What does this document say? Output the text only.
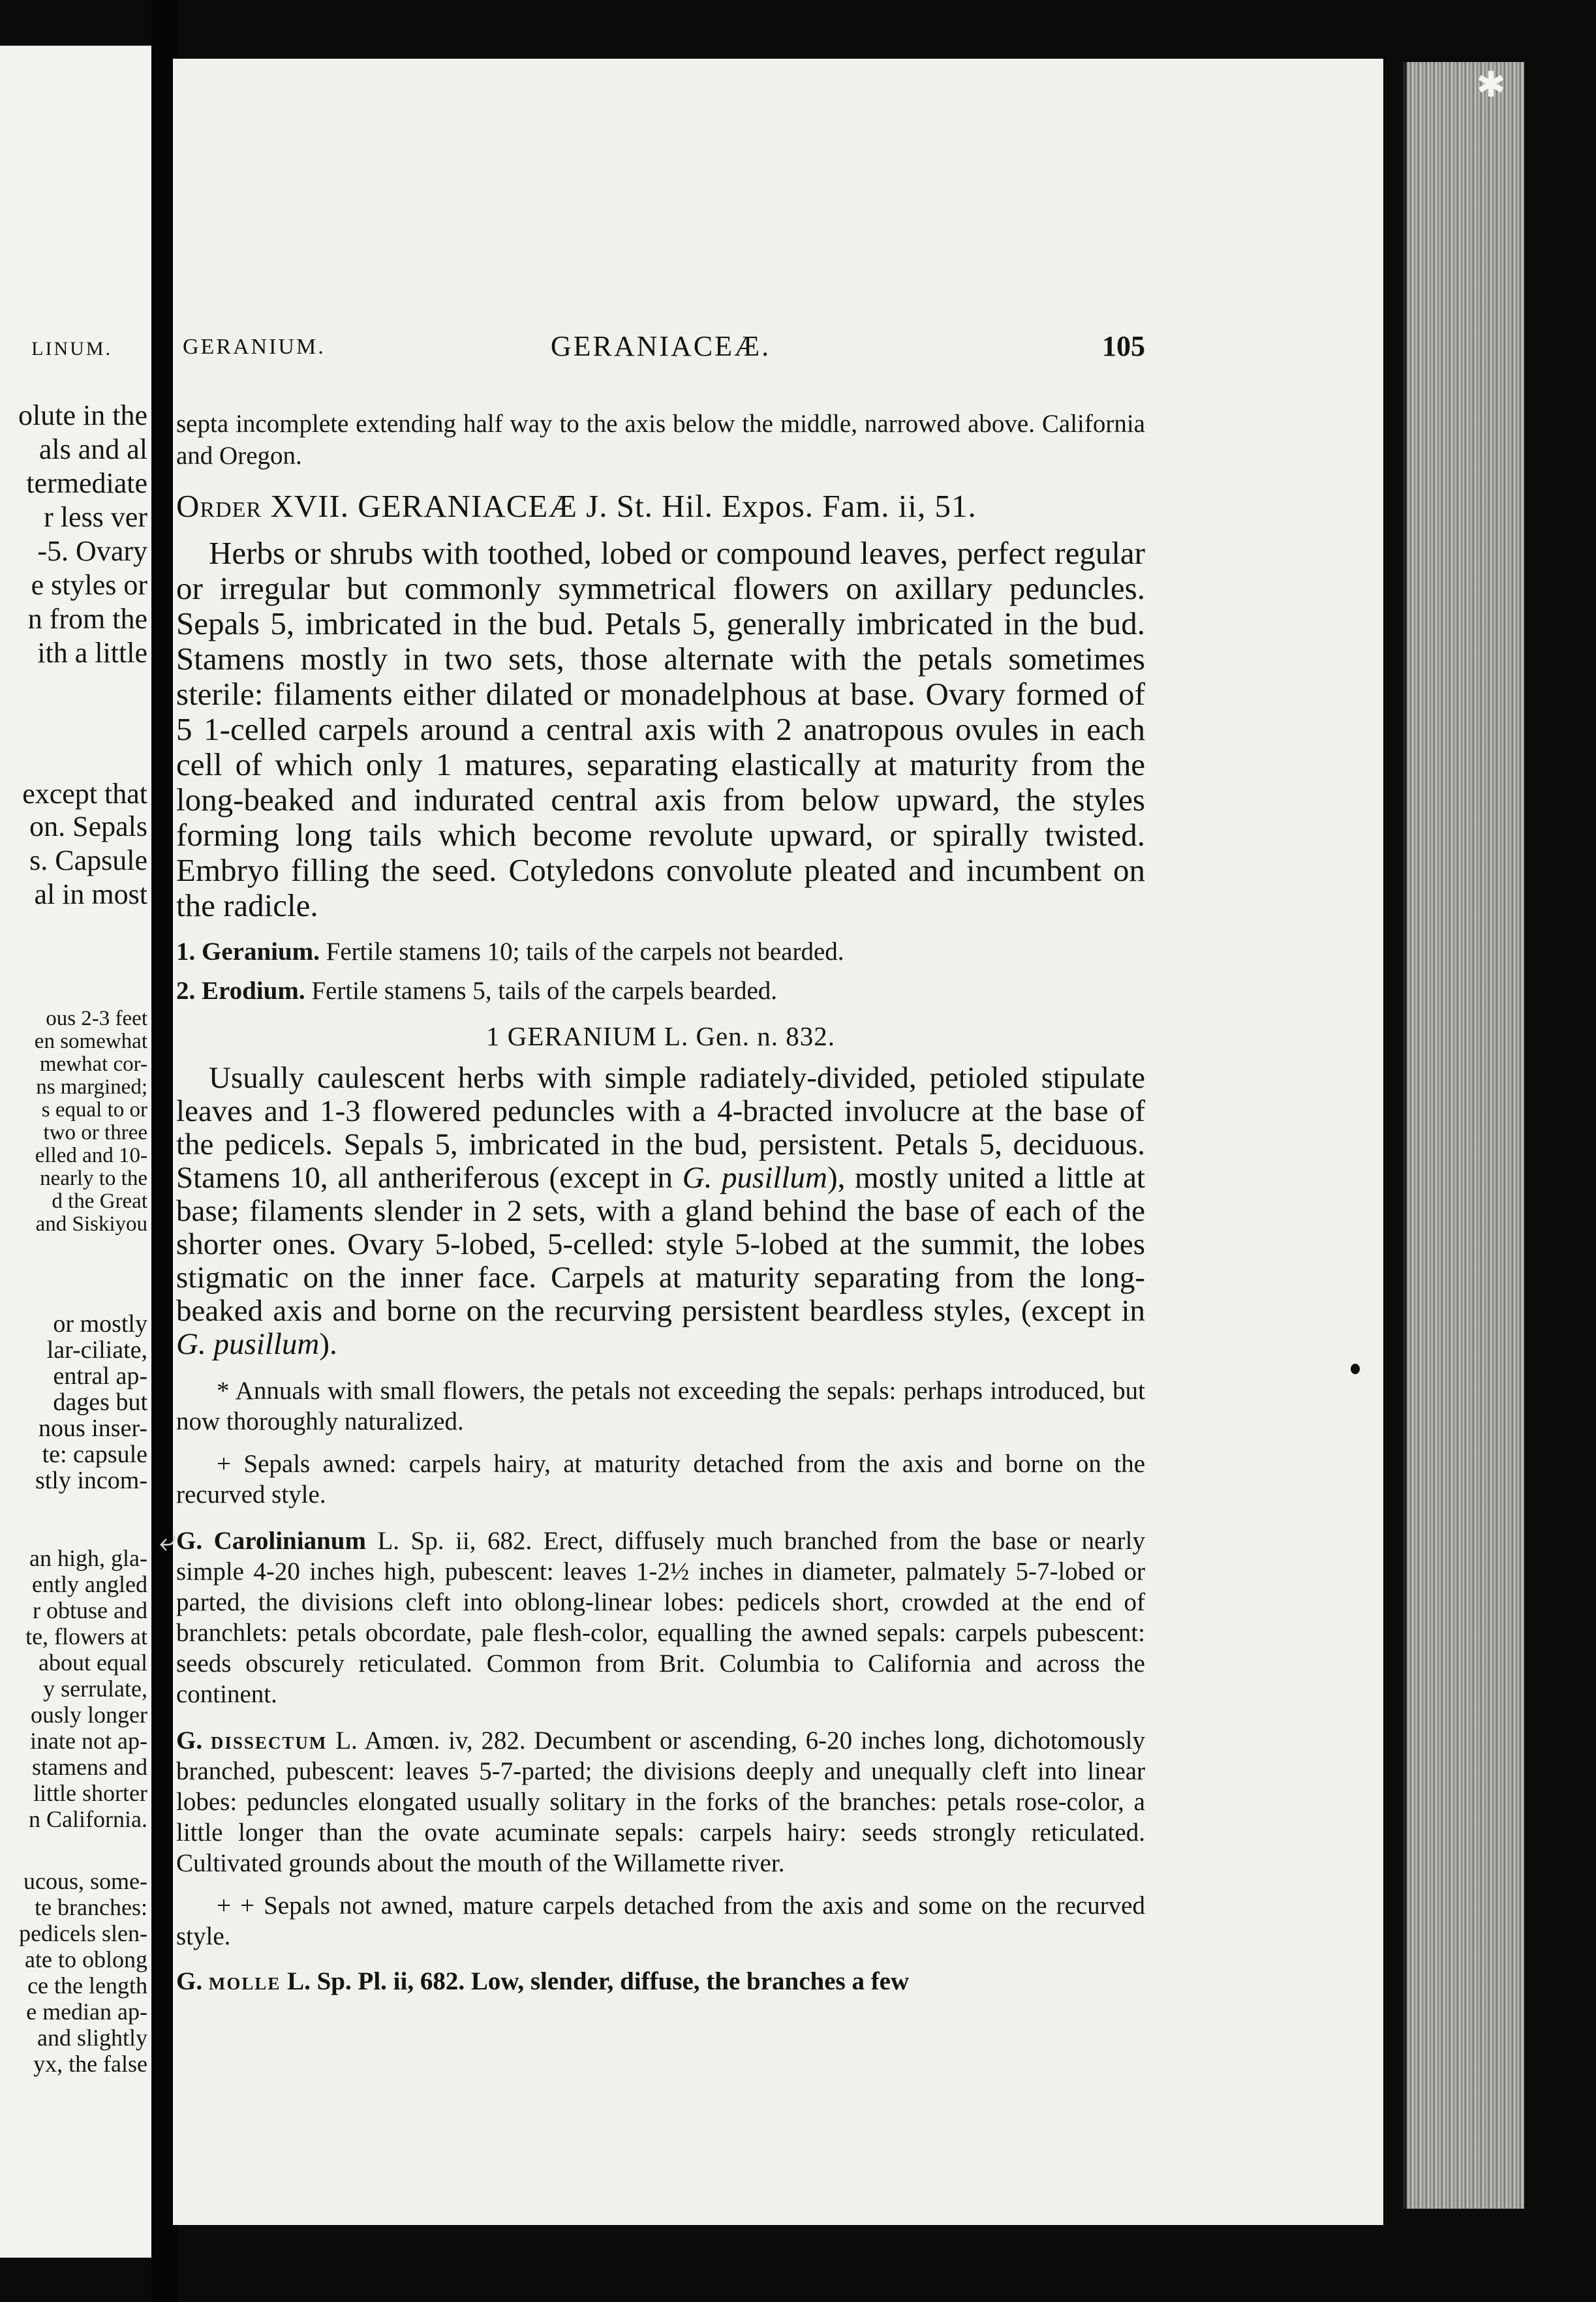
LINUM.
olute in the
als and al
termediate
r less ver
-5. Ovary
e styles or
n from the
ith a little
except that
on. Sepals
s. Capsule
al in most
ous 2-3 feet
en somewhat
mewhat cor-
ns margined;
s equal to or
two or three
elled and 10-
nearly to the
d the Great
and Siskiyou
or mostly
lar-ciliate,
entral ap-
dages but
nous inser-
te: capsule
stly incom-
an high, gla-
ently angled
r obtuse and
te, flowers at
about equal
y serrulate,
ously longer
inate not ap-
stamens and
little shorter
n California.
ucous, some-
te branches:
pedicels slen-
ate to oblong
ce the length
e median ap-
and slightly
yx, the false
✱
⤶
GERANIUM.	GERANIACEÆ.	105

septa incomplete extending half way to the axis below the middle, narrowed above. California and Oregon.

Order XVII. GERANIACEÆ J. St. Hil. Expos. Fam. ii, 51.

Herbs or shrubs with toothed, lobed or compound leaves, perfect regular or irregular but commonly symmetrical flowers on axillary peduncles. Sepals 5, imbricated in the bud. Petals 5, generally imbricated in the bud. Stamens mostly in two sets, those alternate with the petals sometimes sterile: filaments either dilated or monadelphous at base. Ovary formed of 5 1-celled carpels around a central axis with 2 anatropous ovules in each cell of which only 1 matures, separating elastically at maturity from the long-beaked and indurated central axis from below upward, the styles forming long tails which become revolute upward, or spirally twisted. Embryo filling the seed. Cotyledons convolute pleated and incumbent on the radicle.

1. Geranium. Fertile stamens 10; tails of the carpels not bearded.

2. Erodium. Fertile stamens 5, tails of the carpels bearded.

1 GERANIUM L. Gen. n. 832.

Usually caulescent herbs with simple radiately-divided, petioled stipulate leaves and 1-3 flowered peduncles with a 4-bracted involucre at the base of the pedicels. Sepals 5, imbricated in the bud, persistent. Petals 5, deciduous. Stamens 10, all antheriferous (except in G. pusillum), mostly united a little at base; filaments slender in 2 sets, with a gland behind the base of each of the shorter ones. Ovary 5-lobed, 5-celled: style 5-lobed at the summit, the lobes stigmatic on the inner face. Carpels at maturity separating from the long-beaked axis and borne on the recurving persistent beardless styles, (except in G. pusillum).

* Annuals with small flowers, the petals not exceeding the sepals: perhaps introduced, but now thoroughly naturalized.

+ Sepals awned: carpels hairy, at maturity detached from the axis and borne on the recurved style.

G. Carolinianum L. Sp. ii, 682. Erect, diffusely much branched from the base or nearly simple 4-20 inches high, pubescent: leaves 1-2½ inches in diameter, palmately 5-7-lobed or parted, the divisions cleft into oblong-linear lobes: pedicels short, crowded at the end of branchlets: petals obcordate, pale flesh-color, equalling the awned sepals: carpels pubescent: seeds obscurely reticulated. Common from Brit. Columbia to California and across the continent.

G. dissectum L. Amœn. iv, 282. Decumbent or ascending, 6-20 inches long, dichotomously branched, pubescent: leaves 5-7-parted; the divisions deeply and unequally cleft into linear lobes: peduncles elongated usually solitary in the forks of the branches: petals rose-color, a little longer than the ovate acuminate sepals: carpels hairy: seeds strongly reticulated. Cultivated grounds about the mouth of the Willamette river.

+ + Sepals not awned, mature carpels detached from the axis and some on the recurved style.

G. molle L. Sp. Pl. ii, 682. Low, slender, diffuse, the branches a few
